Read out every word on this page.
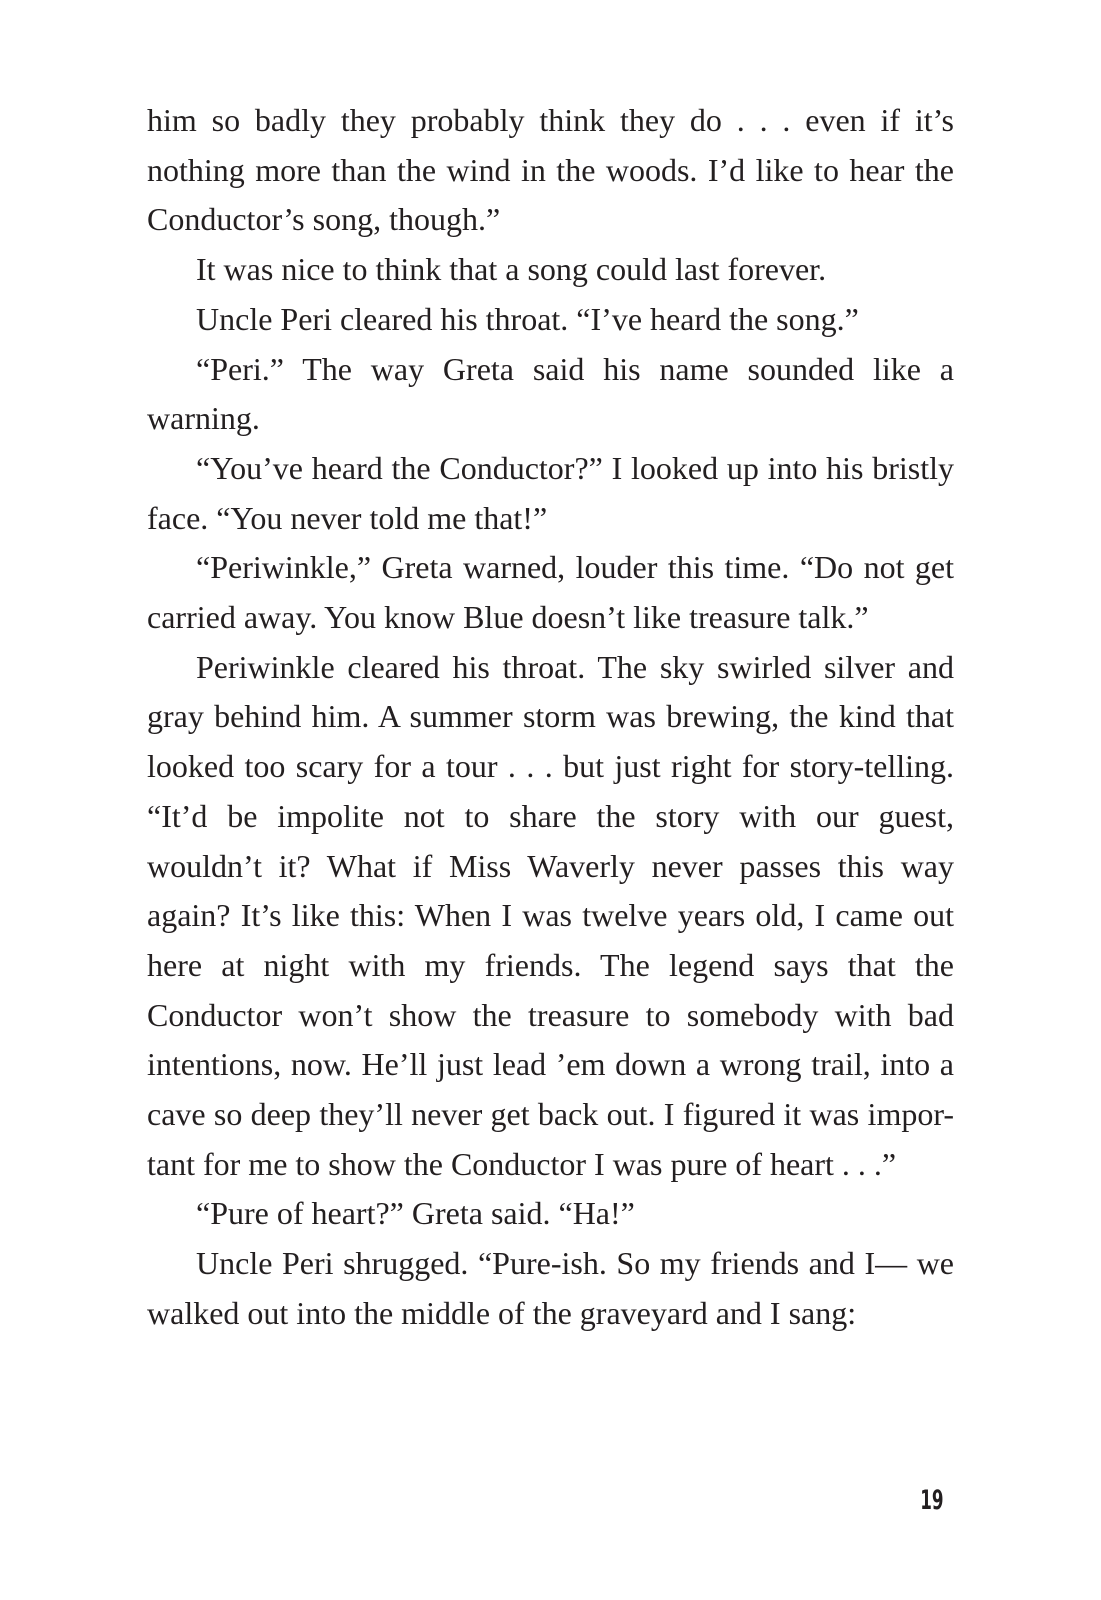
him so badly they probably think they do . . . even if it’s nothing more than the wind in the woods. I’d like to hear the Conductor’s song, though.”

It was nice to think that a song could last forever.

Uncle Peri cleared his throat. “I’ve heard the song.”

“Peri.” The way Greta said his name sounded like a warning.

“You’ve heard the Conductor?” I looked up into his bristly face. “You never told me that!”

“Periwinkle,” Greta warned, louder this time. “Do not get carried away. You know Blue doesn’t like treasure talk.”

Periwinkle cleared his throat. The sky swirled silver and gray behind him. A summer storm was brewing, the kind that looked too scary for a tour . . . but just right for story-telling. “It’d be impolite not to share the story with our guest, wouldn’t it? What if Miss Waverly never passes this way again? It’s like this: When I was twelve years old, I came out here at night with my friends. The legend says that the Conductor won’t show the treasure to somebody with bad intentions, now. He’ll just lead ’em down a wrong trail, into a cave so deep they’ll never get back out. I figured it was impor-tant for me to show the Conductor I was pure of heart . . .”

“Pure of heart?” Greta said. “Ha!”

Uncle Peri shrugged. “Pure-ish. So my friends and I— we walked out into the middle of the graveyard and I sang:

19
